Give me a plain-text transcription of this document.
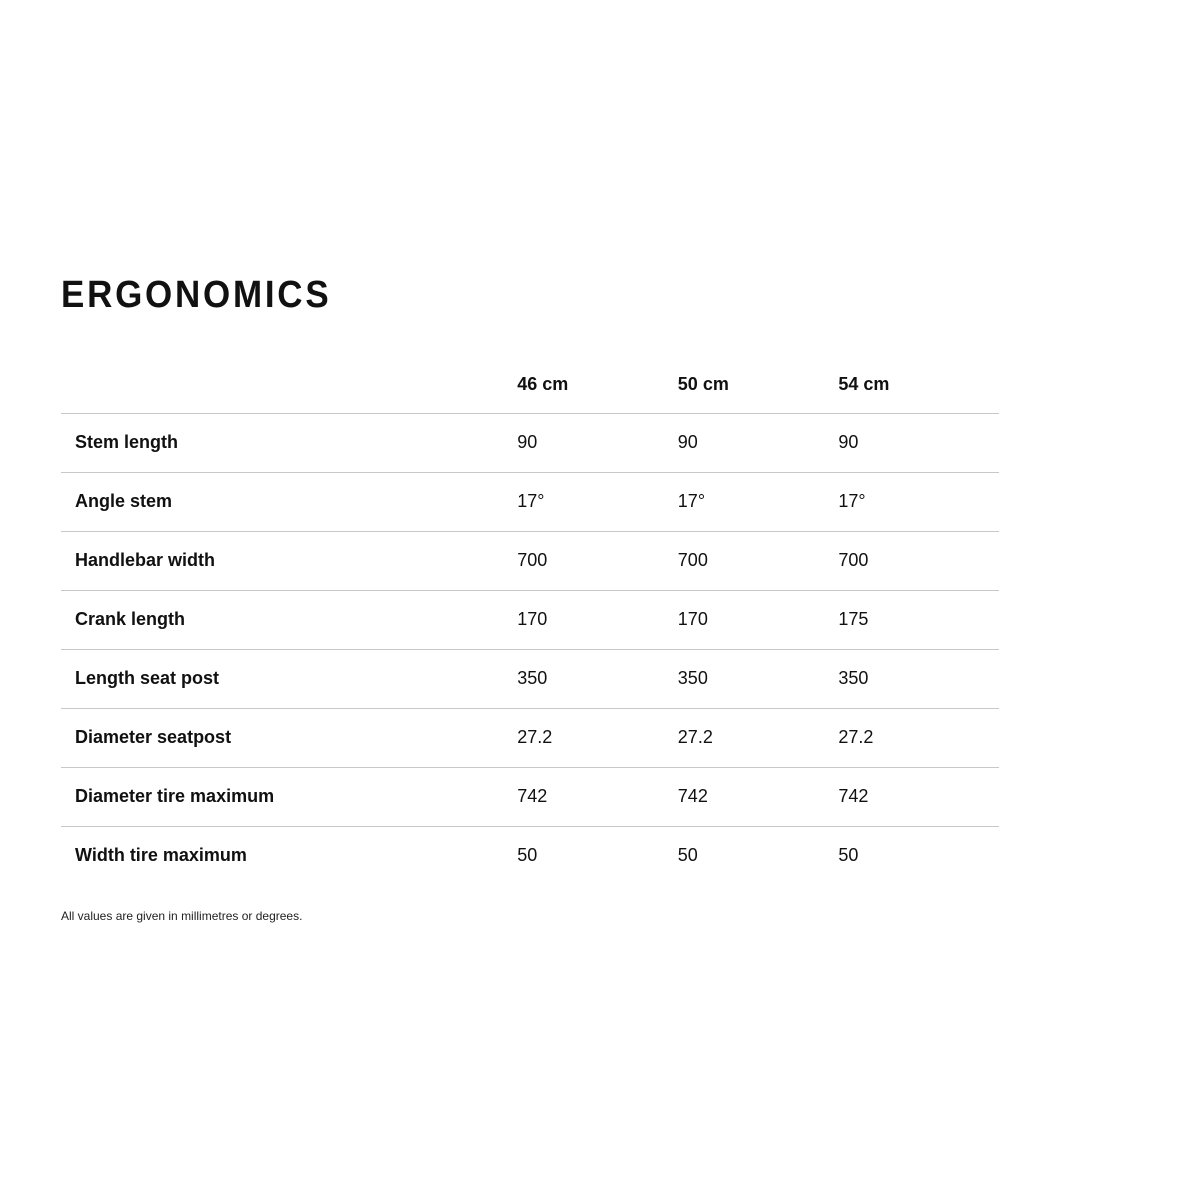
ERGONOMICS
	46 cm	50 cm	54 cm
Stem length	90	90	90
Angle stem	17°	17°	17°
Handlebar width	700	700	700
Crank length	170	170	175
Length seat post	350	350	350
Diameter seatpost	27.2	27.2	27.2
Diameter tire maximum	742	742	742
Width tire maximum	50	50	50

All values are given in millimetres or degrees.
